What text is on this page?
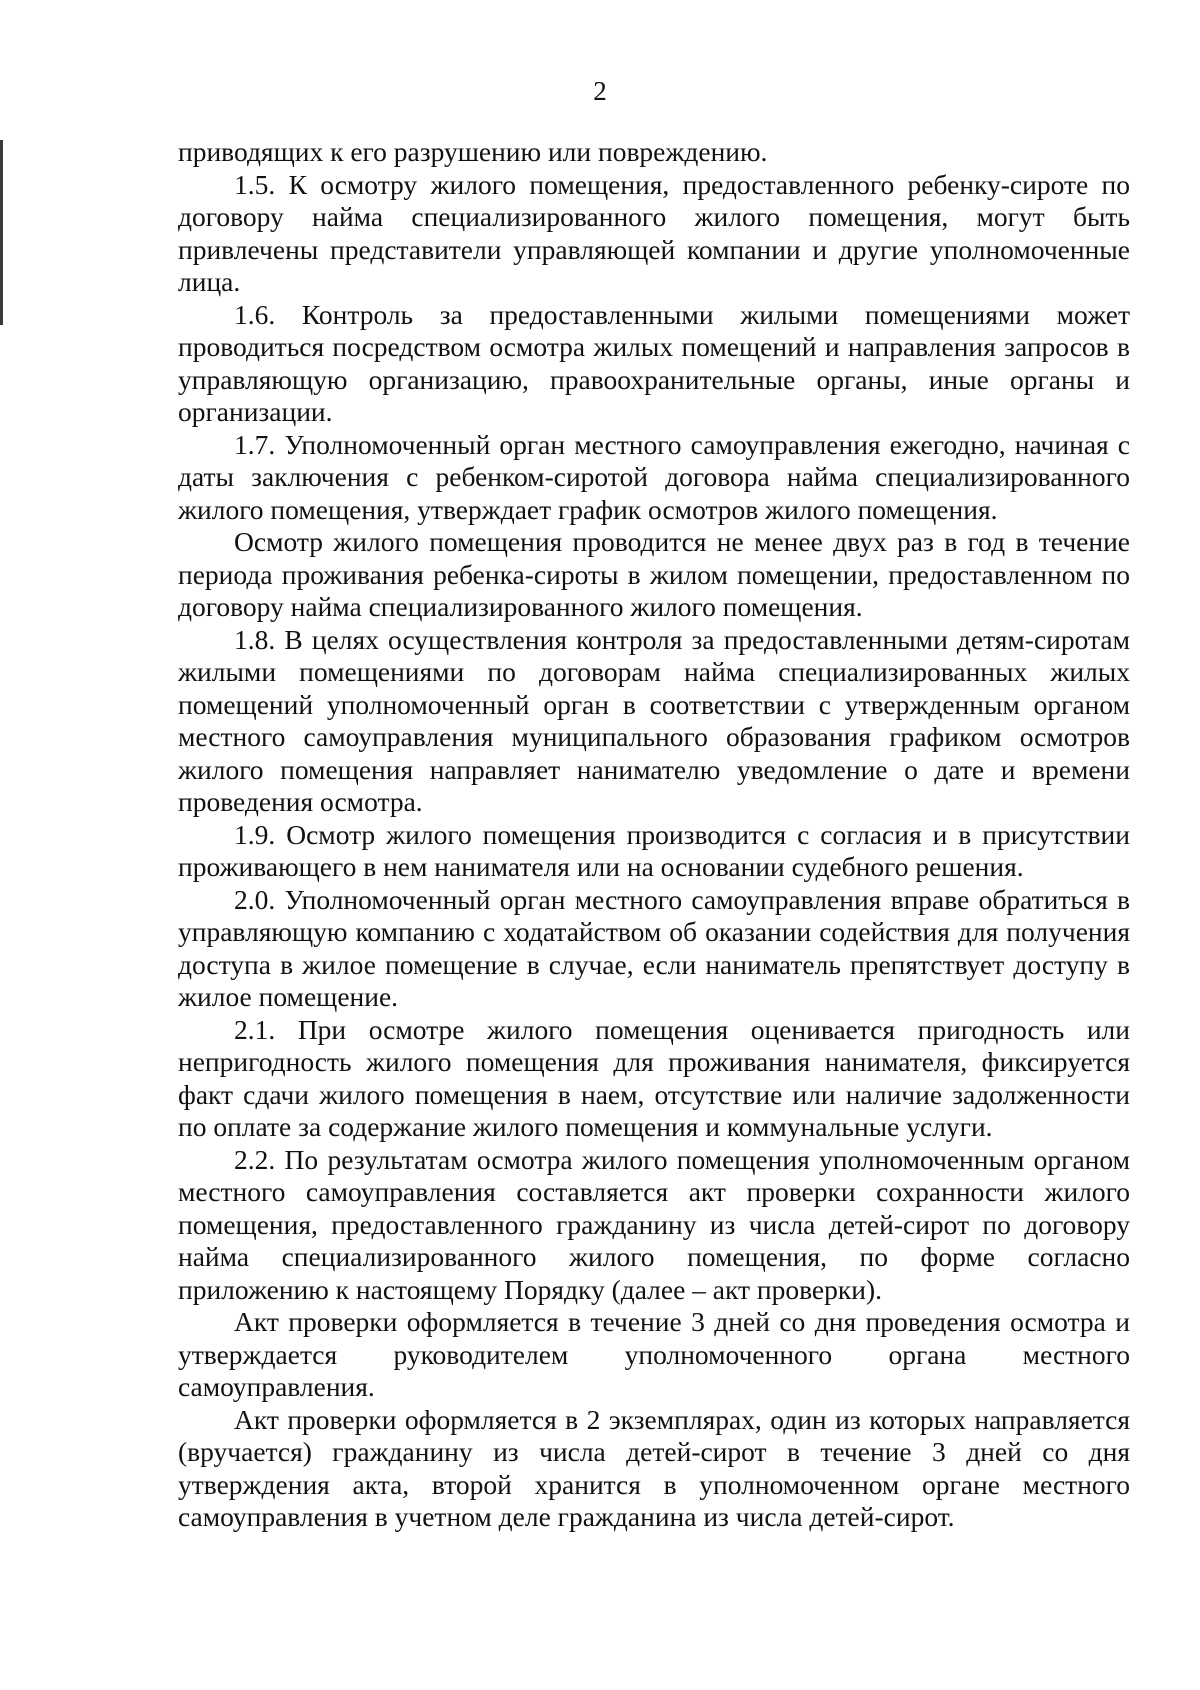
2

приводящих к его разрушению или повреждению.

1.5. К осмотру жилого помещения, предоставленного ребенку-сироте по договору найма специализированного жилого помещения, могут быть привлечены представители управляющей компании и другие уполномоченные лица.

1.6. Контроль за предоставленными жилыми помещениями может проводиться посредством осмотра жилых помещений и направления запросов в управляющую организацию, правоохранительные органы, иные органы и организации.

1.7. Уполномоченный орган местного самоуправления ежегодно, начиная с даты заключения с ребенком-сиротой договора найма специализированного жилого помещения, утверждает график осмотров жилого помещения.

Осмотр жилого помещения проводится не менее двух раз в год в течение периода проживания ребенка-сироты в жилом помещении, предоставленном по договору найма специализированного жилого помещения.

1.8. В целях осуществления контроля за предоставленными детям-сиротам жилыми помещениями по договорам найма специализированных жилых помещений уполномоченный орган в соответствии с утвержденным органом местного самоуправления муниципального образования графиком осмотров жилого помещения направляет нанимателю уведомление о дате и времени проведения осмотра.

1.9. Осмотр жилого помещения производится с согласия и в присутствии проживающего в нем нанимателя или на основании судебного решения.

2.0. Уполномоченный орган местного самоуправления вправе обратиться в управляющую компанию с ходатайством об оказании содействия для получения доступа в жилое помещение в случае, если наниматель препятствует доступу в жилое помещение.

2.1. При осмотре жилого помещения оценивается пригодность или непригодность жилого помещения для проживания нанимателя, фиксируется факт сдачи жилого помещения в наем, отсутствие или наличие задолженности по оплате за содержание жилого помещения и коммунальные услуги.

2.2. По результатам осмотра жилого помещения уполномоченным органом местного самоуправления составляется акт проверки сохранности жилого помещения, предоставленного гражданину из числа детей-сирот по договору найма специализированного жилого помещения, по форме согласно приложению к настоящему Порядку (далее – акт проверки).

Акт проверки оформляется в течение 3 дней со дня проведения осмотра и утверждается руководителем уполномоченного органа местного самоуправления.

Акт проверки оформляется в 2 экземплярах, один из которых направляется (вручается) гражданину из числа детей-сирот в течение 3 дней со дня утверждения акта, второй хранится в уполномоченном органе местного самоуправления в учетном деле гражданина из числа детей-сирот.
